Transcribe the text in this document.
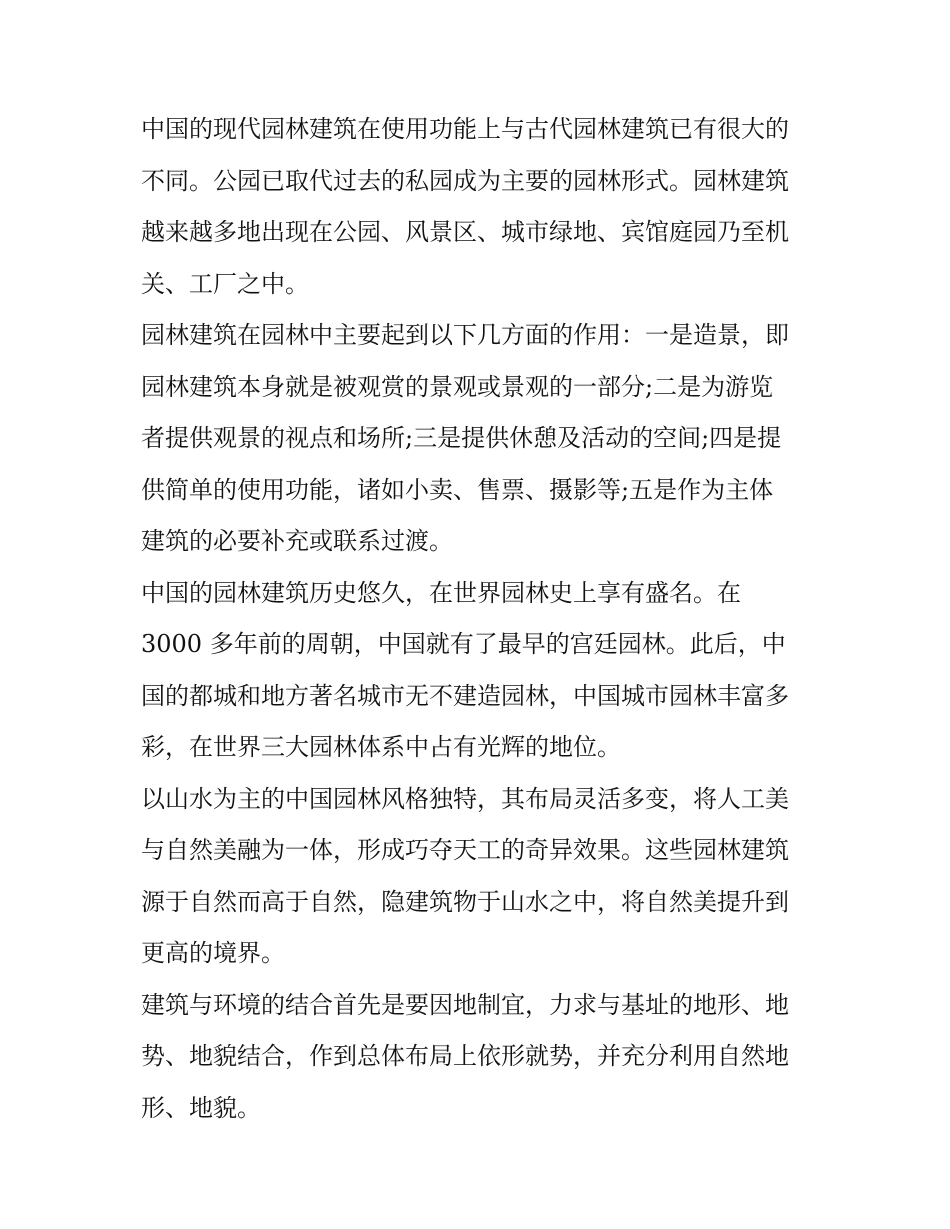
中国的现代园林建筑在使用功能上与古代园林建筑已有很大的
不同。公园已取代过去的私园成为主要的园林形式。园林建筑
越来越多地出现在公园、风景区、城市绿地、宾馆庭园乃至机
关、工厂之中。
园林建筑在园林中主要起到以下几方面的作用：一是造景，即
园林建筑本身就是被观赏的景观或景观的一部分;二是为游览
者提供观景的视点和场所;三是提供休憩及活动的空间;四是提
供简单的使用功能，诸如小卖、售票、摄影等;五是作为主体
建筑的必要补充或联系过渡。
中国的园林建筑历史悠久，在世界园林史上享有盛名。在
3000 多年前的周朝，中国就有了最早的宫廷园林。此后，中
国的都城和地方著名城市无不建造园林，中国城市园林丰富多
彩，在世界三大园林体系中占有光辉的地位。
以山水为主的中国园林风格独特，其布局灵活多变，将人工美
与自然美融为一体，形成巧夺天工的奇异效果。这些园林建筑
源于自然而高于自然，隐建筑物于山水之中，将自然美提升到
更高的境界。
建筑与环境的结合首先是要因地制宜，力求与基址的地形、地
势、地貌结合，作到总体布局上依形就势，并充分利用自然地
形、地貌。
